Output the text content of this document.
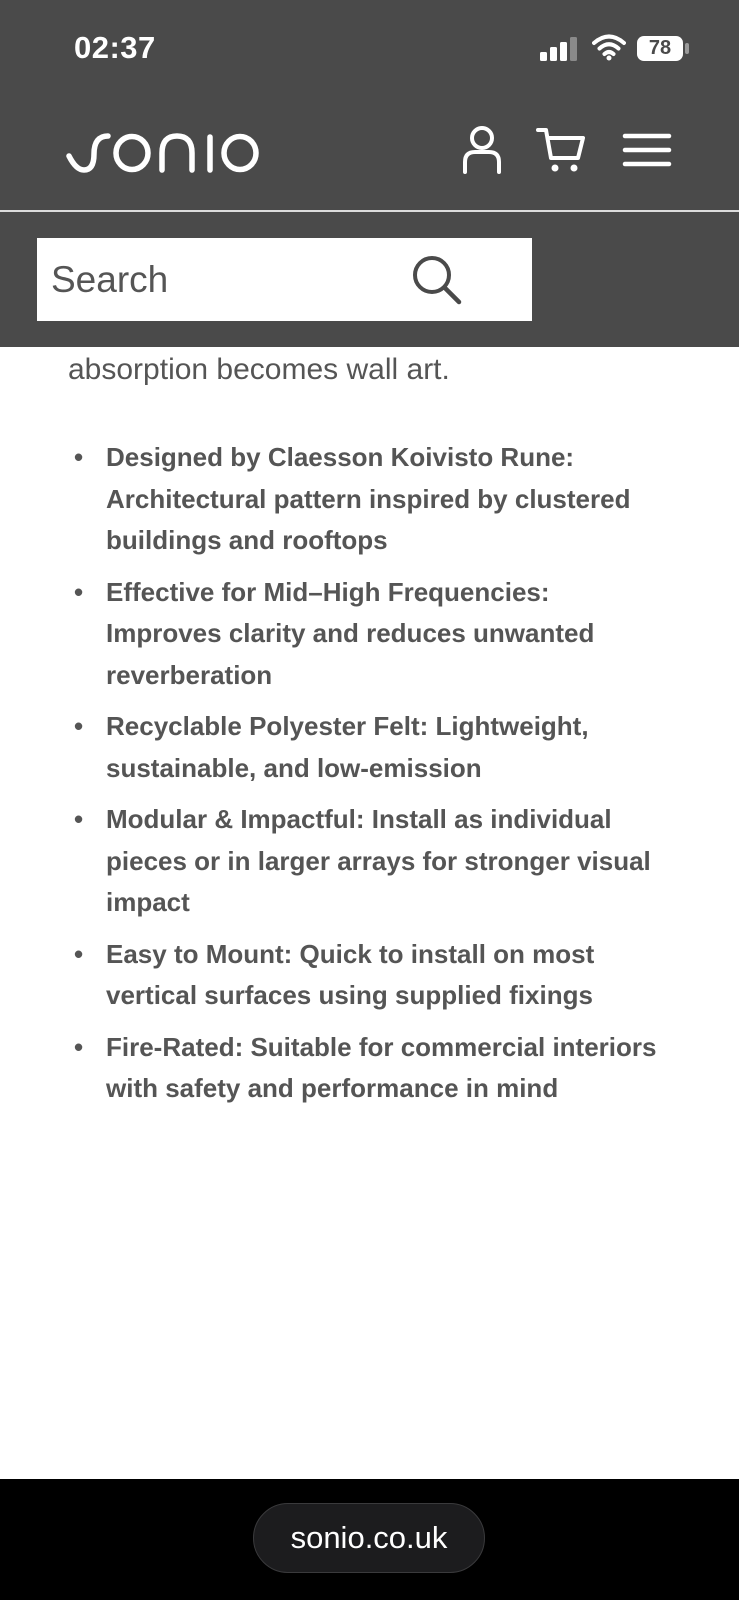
02:37	78
Search

absorption becomes wall art.

• Designed by Claesson Koivisto Rune: Architectural pattern inspired by clustered buildings and rooftops
• Effective for Mid–High Frequencies: Improves clarity and reduces unwanted reverberation
• Recyclable Polyester Felt: Lightweight, sustainable, and low-emission
• Modular & Impactful: Install as individual pieces or in larger arrays for stronger visual impact
• Easy to Mount: Quick to install on most vertical surfaces using supplied fixings
• Fire-Rated: Suitable for commercial interiors with safety and performance in mind
sonio.co.uk
